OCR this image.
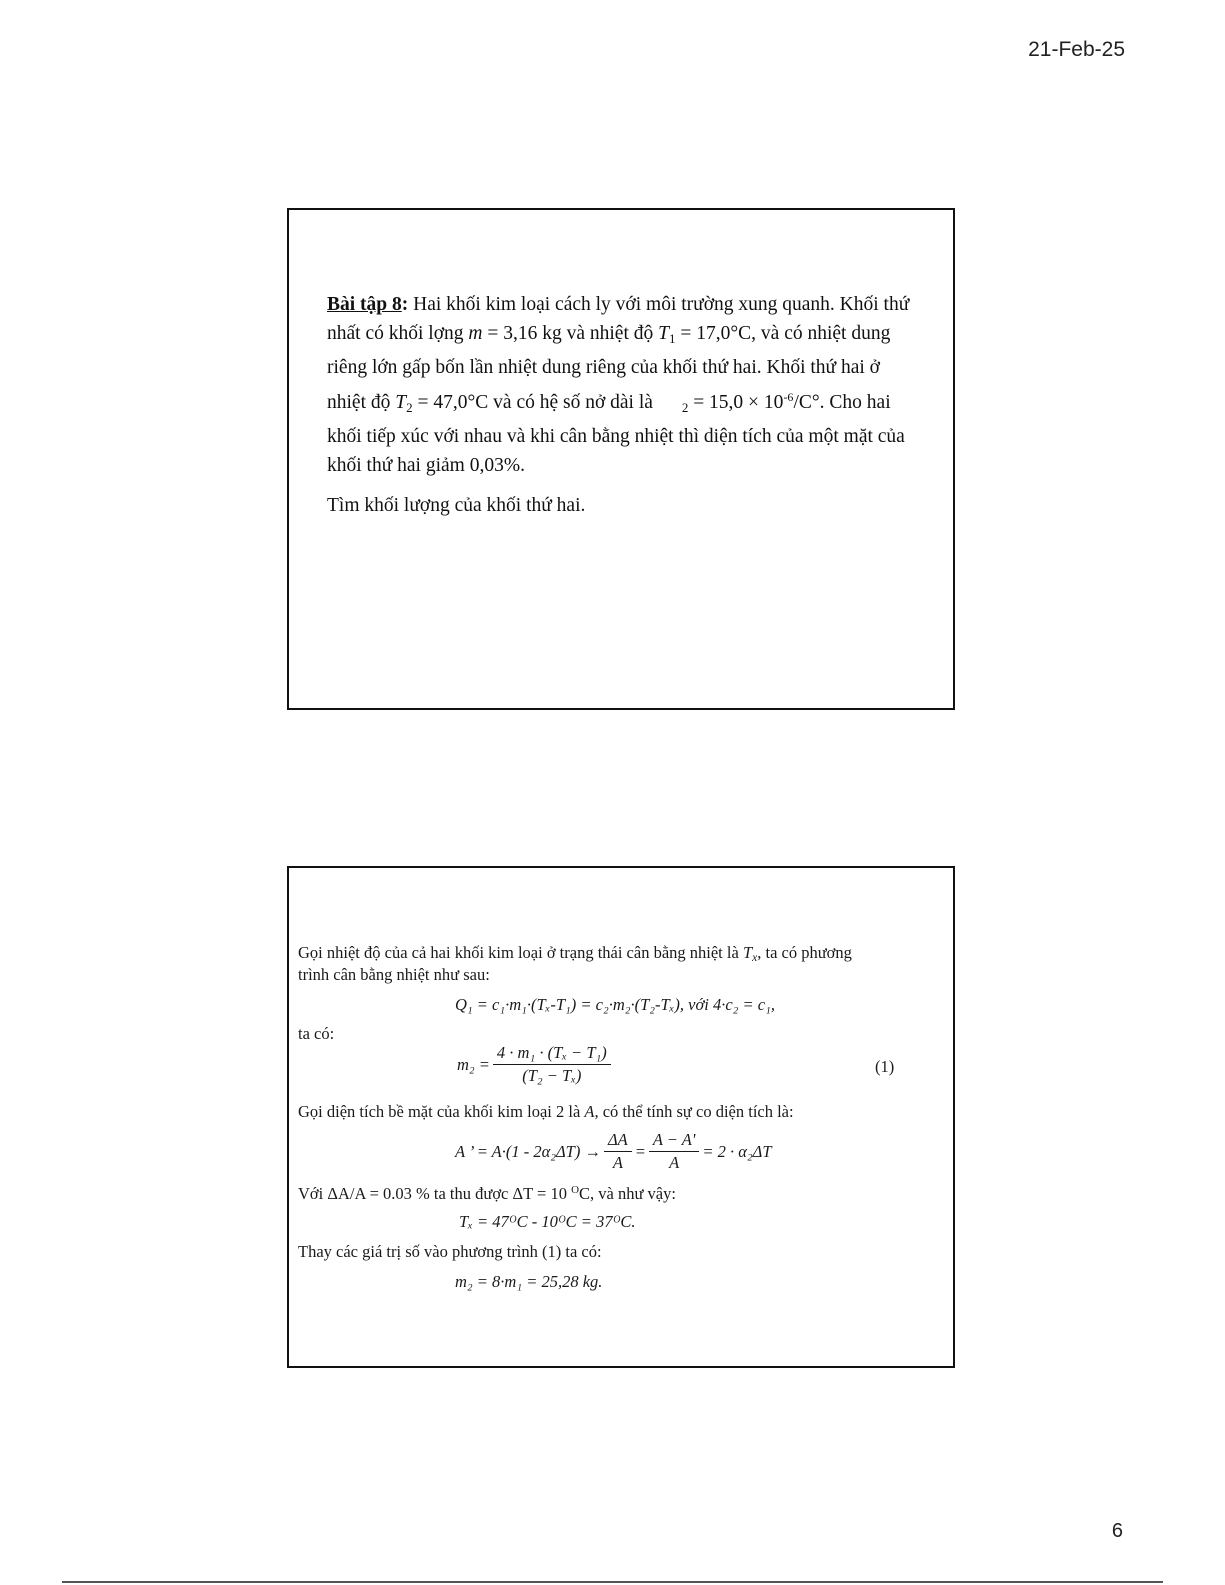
21-Feb-25

Bài tập 8: Hai khối kim loại cách ly với môi trường xung quanh. Khối thứ nhất có khối lợng m = 3,16 kg và nhiệt độ $T_1 = 17,0^\circ C$, và có nhiệt dung riêng lớn gấp bốn lần nhiệt dung riêng của khối thứ hai. Khối thứ hai ở nhiệt độ $T_2 = 47,0^\circ C$ và có hệ số nở dài là $_2 = 15,0 \times 10^{-6}/C^\circ$. Cho hai khối tiếp xúc với nhau và khi cân bằng nhiệt thì diện tích của một mặt của khối thứ hai giảm 0,03%.

Tìm khối lượng của khối thứ hai.

Gọi nhiệt độ của cả hai khối kim loại ở trạng thái cân bằng nhiệt là $T_x$, ta có phương
trình cân bằng nhiệt như sau:
Q₁ = c₁·m₁·(Tₓ-T₁) = c₂·m₂·(T₂-Tₓ), với 4·c₂ = c₁,
ta có:
$m_2 = \frac{\text{4 · m₁ · (Tₓ − T₁)}}{\text{(T₂ − Tₓ)}}$	(1)
Gọi diện tích bề mặt của khối kim loại 2 là A, có thể tính sự co diện tích là:
A ’ = $A\cdot(1 - 2\alpha_2\Delta T) \to \frac{\Delta A}{A} = \frac{A - A'}{A} = 2 \cdot \alpha_2\Delta T$
Với ΔA/A = 0.03 % ta thu được ΔT = 10 $^O$C, và như vậy:
Tₓ = 47ᴼC - 10ᴼC = 37ᴼC.
Thay các giá trị số vào phương trình (1) ta có:
m₂ = 8·m₁ = 25,28 kg.
6
